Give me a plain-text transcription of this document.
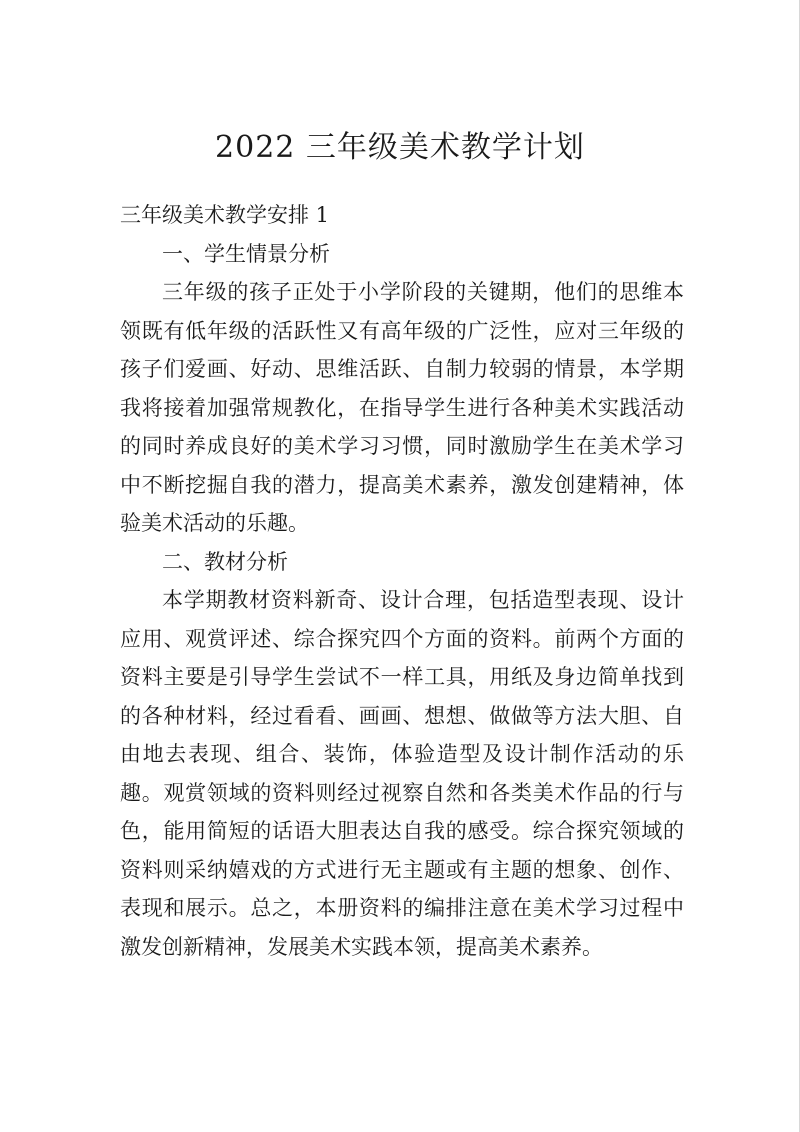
2022 三年级美术教学计划

三年级美术教学安排 1

一、学生情景分析

三年级的孩子正处于小学阶段的关键期，他们的思维本领既有低年级的活跃性又有高年级的广泛性，应对三年级的孩子们爱画、好动、思维活跃、自制力较弱的情景，本学期我将接着加强常规教化，在指导学生进行各种美术实践活动的同时养成良好的美术学习习惯，同时激励学生在美术学习中不断挖掘自我的潜力，提高美术素养，激发创建精神，体验美术活动的乐趣。

二、教材分析

本学期教材资料新奇、设计合理，包括造型表现、设计应用、观赏评述、综合探究四个方面的资料。前两个方面的资料主要是引导学生尝试不一样工具，用纸及身边简单找到的各种材料，经过看看、画画、想想、做做等方法大胆、自由地去表现、组合、装饰，体验造型及设计制作活动的乐趣。观赏领域的资料则经过视察自然和各类美术作品的行与色，能用简短的话语大胆表达自我的感受。综合探究领域的资料则采纳嬉戏的方式进行无主题或有主题的想象、创作、表现和展示。总之，本册资料的编排注意在美术学习过程中激发创新精神，发展美术实践本领，提高美术素养。
